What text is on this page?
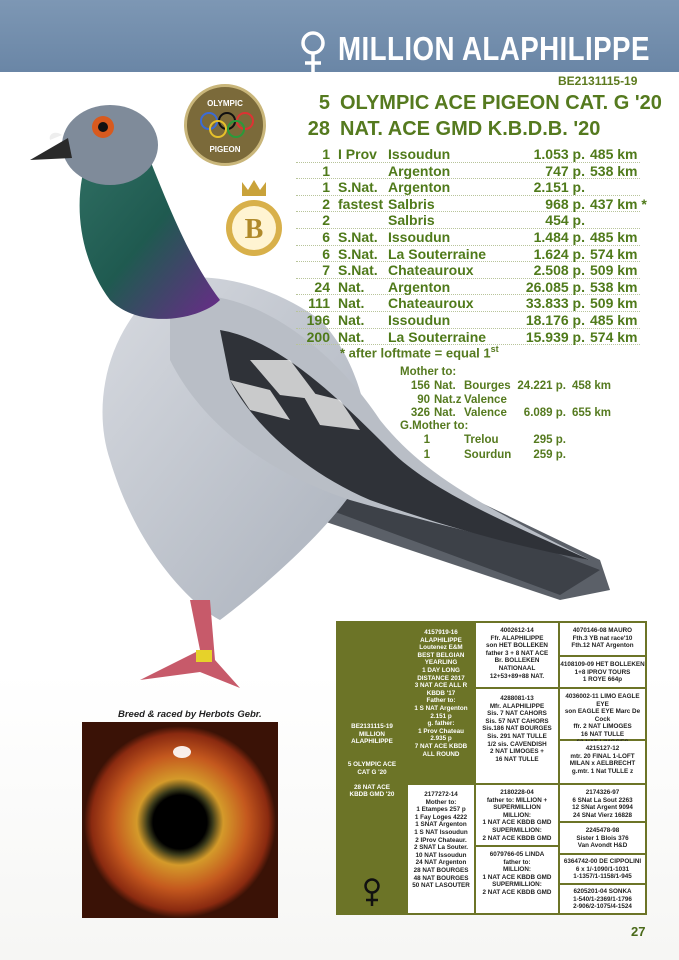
MILLION ALAPHILIPPE
BE2131115-19
OLYMPIC
PIGEON
B
5 OLYMPIC ACE PIGEON CAT. G '20
28 NAT. ACE GMD K.B.D.B. '20
1 I Prov Issoudun	1.053 p. 485 km
1	Argenton	747 p. 538 km
1 S.Nat. Argenton	2.151 p.
2 fastest Salbris	968 p. 437 km *
2	Salbris	454 p.
6 S.Nat. Issoudun	1.484 p. 485 km
6 S.Nat. La Souterraine	1.624 p. 574 km
7 S.Nat. Chateauroux	2.508 p. 509 km
24 Nat. Argenton	26.085 p. 538 km
111 Nat. Chateauroux	33.833 p. 509 km
196 Nat. Issoudun	18.176 p. 485 km
200 Nat. La Souterraine	15.939 p. 574 km
* after loftmate = equal 1st
Mother to:
156 Nat. Bourges 24.221 p. 458 km
90 Nat.z Valence
326 Nat. Valence	6.089 p. 655 km
G.Mother to:
1	Trelou	295 p.
1	Sourdun	259 p.
Breed & raced by Herbots Gebr.

BE2131115-19
MILLION
ALAPHILIPPE

5 OLYMPIC ACE
CAT G '20

28 NAT ACE
KBDB GMD '20

4157919-16
ALAPHILIPPE
Loutenez E&M
BEST BELGIAN
YEARLING
1 DAY LONG
DISTANCE 2017
3 NAT ACE ALL R
KBDB '17
Father to:
1 S NAT Argenton
2.151 p
g. father:
1 Prov Chateau
2.935 p
7 NAT ACE KBDB
ALL ROUND
2177272-14
Mother to:
1 Etampes 257 p
1 Fay Loges 4222
1 SNAT Argenton
1 S NAT Issoudun
2 IProv Chateaur.
2 SNAT La Souter.
10 NAT Issoudun
24 NAT Argenton
28 NAT BOURGES
48 NAT BOURGES
50 NAT LASOUTER
4002612-14
Ffr. ALAPHILIPPE
son HET BOLLEKEN
father 3 + 8 NAT ACE
Br. BOLLEKEN
NATIONAAL
12+53+89+88 NAT.
4288081-13
Mfr. ALAPHILIPPE
Sis. 7 NAT CAHORS
Sis. 57 NAT CAHORS
Sis.186 NAT BOURGES
Sis. 291 NAT TULLE
1/2 sis. CAVENDISH
2 NAT LIMOGES +
16 NAT TULLE
2180228-04
father to: MILLION +
SUPERMILLION
MILLION:
1 NAT ACE KBDB GMD
SUPERMILLION:
2 NAT ACE KBDB GMD
6079766-05 LINDA
father to:
MILLION:
1 NAT ACE KBDB GMD
SUPERMILLION:
2 NAT ACE KBDB GMD
4070146-08 MAURO
Fth.3 YB nat race'10
Fth.12 NAT Argenton
4108109-09 HET BOLLEKEN
1+8 IPROV TOURS
1 ROYE 664p
4036002-11 LIMO EAGLE EYE
son EAGLE EYE Marc De Cock
ffr. 2 NAT LIMOGES
16 NAT TULLE

4215127-12
mtr. 20 FINAL 1-LOFT
MILAN x AELBRECHT
g.mtr. 1 Nat TULLE z
2174326-97
6 SNat La Sout 2263
12 SNat Argent 9094
24 SNat Vierz 16828
2245478-98
Sister 1 Blois 376
Van Avondt H&D
6364742-00 DE CIPPOLINI
6 x 1/-1090/1-1031
1-1357/1-1158/1-945
6205201-04 SONKA
1-540/1-2369/1-1796
2-906/2-1075/4-1524
27
